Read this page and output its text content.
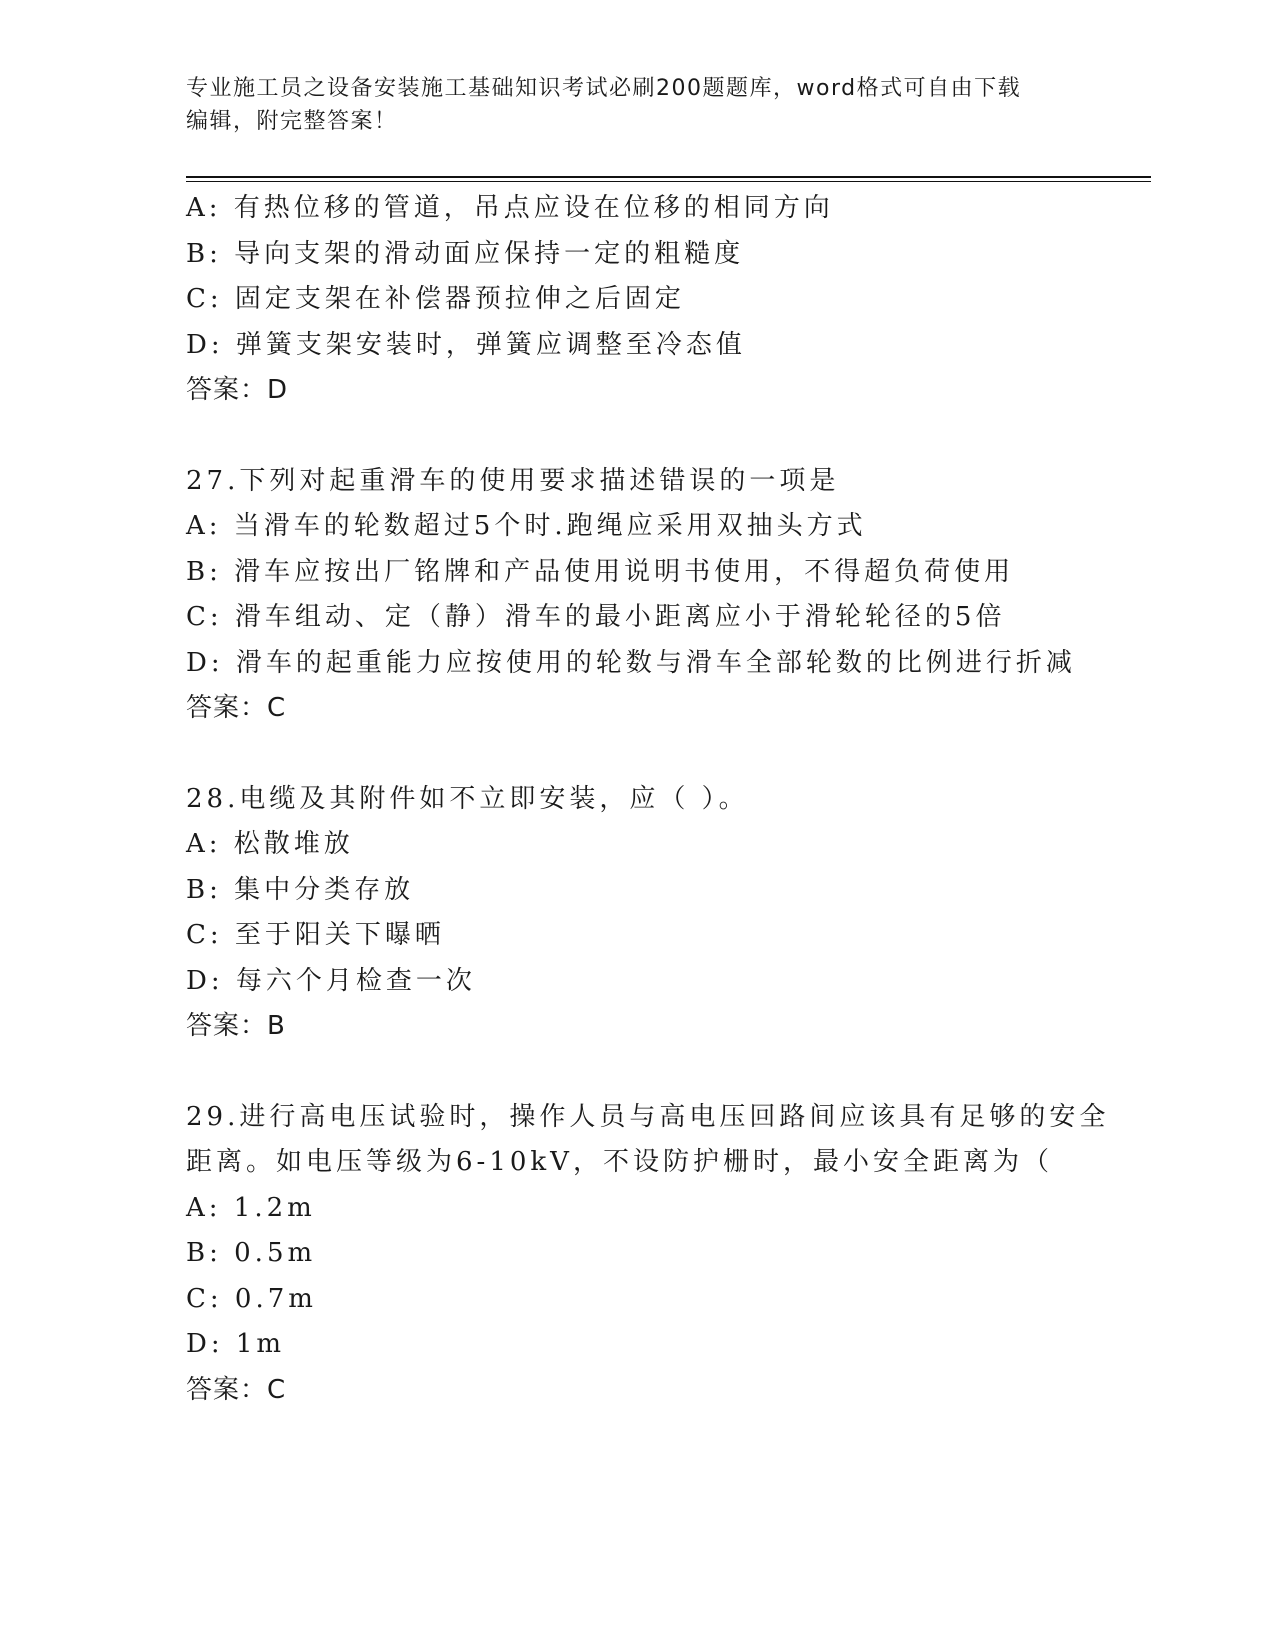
专业施工员之设备安装施工基础知识考试必刷200题题库，word格式可自由下载
编辑，附完整答案！
A: 有热位移的管道，吊点应设在位移的相同方向
B: 导向支架的滑动面应保持一定的粗糙度
C: 固定支架在补偿器预拉伸之后固定
D: 弹簧支架安装时，弹簧应调整至冷态值
答案：D
27.下列对起重滑车的使用要求描述错误的一项是
A: 当滑车的轮数超过5个时.跑绳应采用双抽头方式
B: 滑车应按出厂铭牌和产品使用说明书使用，不得超负荷使用
C: 滑车组动、定（静）滑车的最小距离应小于滑轮轮径的5倍
D: 滑车的起重能力应按使用的轮数与滑车全部轮数的比例进行折减
答案：C
28.电缆及其附件如不立即安装，应（ ）。
A: 松散堆放
B: 集中分类存放
C: 至于阳关下曝晒
D: 每六个月检查一次
答案：B
29.进行高电压试验时，操作人员与高电压回路间应该具有足够的安全
距离。如电压等级为6-10kV，不设防护栅时，最小安全距离为（
A: 1.2m
B: 0.5m
C: 0.7m
D: 1m
答案：C
